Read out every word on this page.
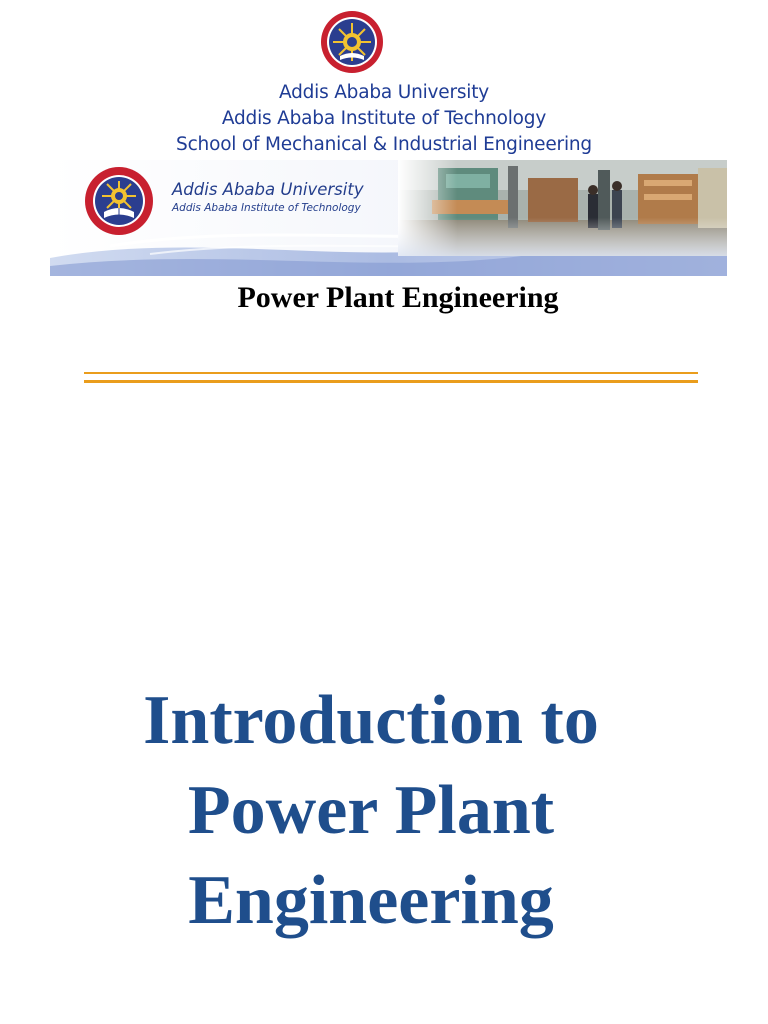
Addis Ababa University
Addis Ababa Institute of Technology
School of Mechanical & Industrial Engineering
Addis Ababa University
Addis Ababa Institute of Technology
Power Plant Engineering
Introduction to
Power Plant
Engineering
